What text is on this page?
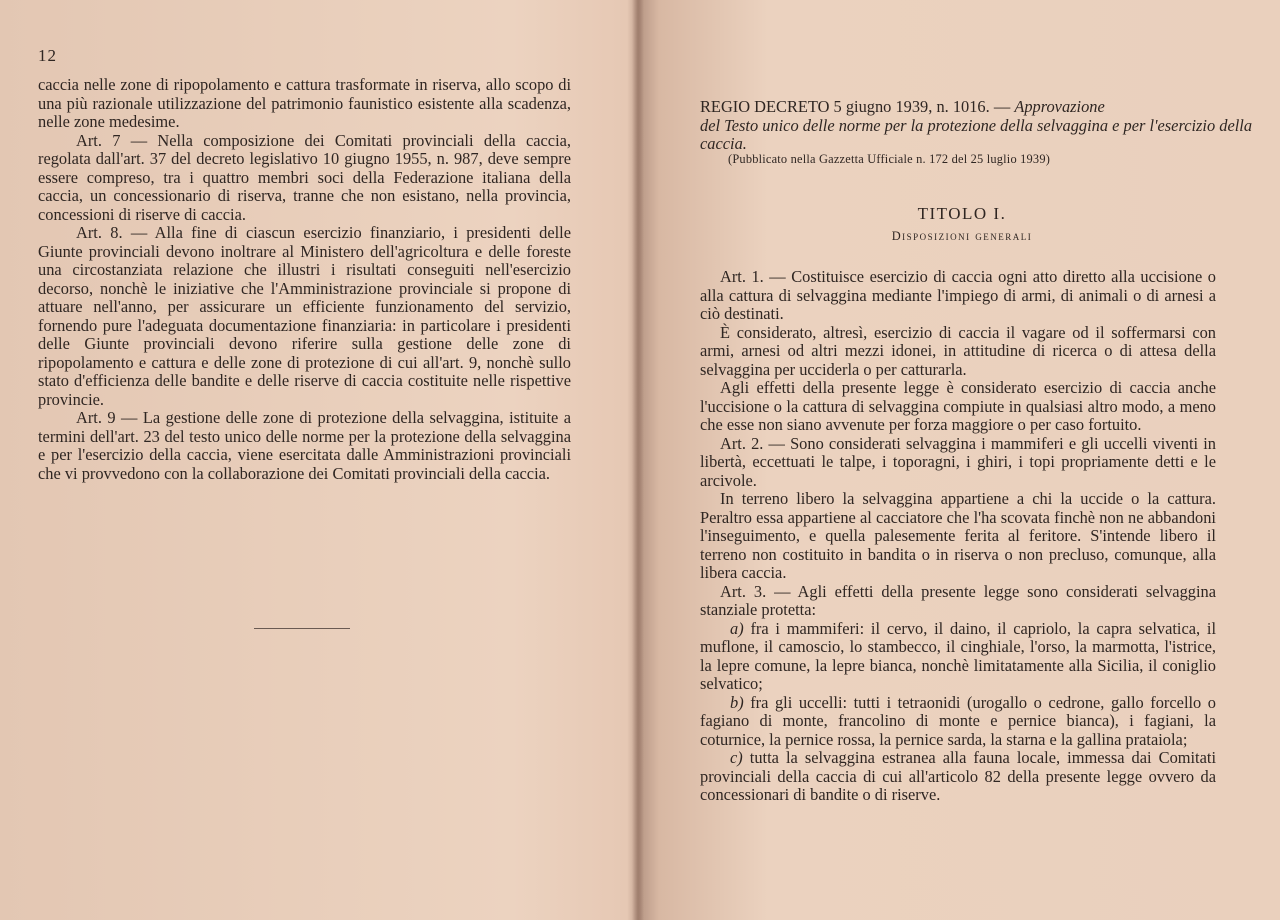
12

caccia nelle zone di ripopolamento e cattura trasformate in riserva, allo scopo di una più razionale utilizzazione del patrimonio faunistico esistente alla scadenza, nelle zone medesime.

Art. 7 — Nella composizione dei Comitati provinciali della caccia, regolata dall'art. 37 del decreto legislativo 10 giugno 1955, n. 987, deve sempre essere compreso, tra i quattro membri soci della Federazione italiana della caccia, un concessionario di riserva, tranne che non esistano, nella provincia, concessioni di riserve di caccia.

Art. 8. — Alla fine di ciascun esercizio finanziario, i presidenti delle Giunte provinciali devono inoltrare al Ministero dell'agricoltura e delle foreste una circostanziata relazione che illustri i risultati conseguiti nell'esercizio decorso, nonchè le iniziative che l'Amministrazione provinciale si propone di attuare nell'anno, per assicurare un efficiente funzionamento del servizio, fornendo pure l'adeguata documentazione finanziaria: in particolare i presidenti delle Giunte provinciali devono riferire sulla gestione delle zone di ripopolamento e cattura e delle zone di protezione di cui all'art. 9, nonchè sullo stato d'efficienza delle bandite e delle riserve di caccia costituite nelle rispettive provincie.

Art. 9 — La gestione delle zone di protezione della selvaggina, istituite a termini dell'art. 23 del testo unico delle norme per la protezione della selvaggina e per l'esercizio della caccia, viene esercitata dalle Amministrazioni provinciali che vi provvedono con la collaborazione dei Comitati provinciali della caccia.

REGIO DECRETO 5 giugno 1939, n. 1016. — Approvazione

del Testo unico delle norme per la protezione della selvaggina e per l'esercizio della caccia.

(Pubblicato nella Gazzetta Ufficiale n. 172 del 25 luglio 1939)
TITOLO I.
Disposizioni generali

Art. 1. — Costituisce esercizio di caccia ogni atto diretto alla uccisione o alla cattura di selvaggina mediante l'impiego di armi, di animali o di arnesi a ciò destinati.

È considerato, altresì, esercizio di caccia il vagare od il soffermarsi con armi, arnesi od altri mezzi idonei, in attitudine di ricerca o di attesa della selvaggina per ucciderla o per catturarla.

Agli effetti della presente legge è considerato esercizio di caccia anche l'uccisione o la cattura di selvaggina compiute in qualsiasi altro modo, a meno che esse non siano avvenute per forza maggiore o per caso fortuito.

Art. 2. — Sono considerati selvaggina i mammiferi e gli uccelli viventi in libertà, eccettuati le talpe, i toporagni, i ghiri, i topi propriamente detti e le arcivole.

In terreno libero la selvaggina appartiene a chi la uccide o la cattura. Peraltro essa appartiene al cacciatore che l'ha scovata finchè non ne abbandoni l'inseguimento, e quella palesemente ferita al feritore. S'intende libero il terreno non costituito in bandita o in riserva o non precluso, comunque, alla libera caccia.

Art. 3. — Agli effetti della presente legge sono considerati selvaggina stanziale protetta:

a) fra i mammiferi: il cervo, il daino, il capriolo, la capra selvatica, il muflone, il camoscio, lo stambecco, il cinghiale, l'orso, la marmotta, l'istrice, la lepre comune, la lepre bianca, nonchè limitatamente alla Sicilia, il coniglio selvatico;

b) fra gli uccelli: tutti i tetraonidi (urogallo o cedrone, gallo forcello o fagiano di monte, francolino di monte e pernice bianca), i fagiani, la coturnice, la pernice rossa, la pernice sarda, la starna e la gallina prataiola;

c) tutta la selvaggina estranea alla fauna locale, immessa dai Comitati provinciali della caccia di cui all'articolo 82 della presente legge ovvero da concessionari di bandite o di riserve.
